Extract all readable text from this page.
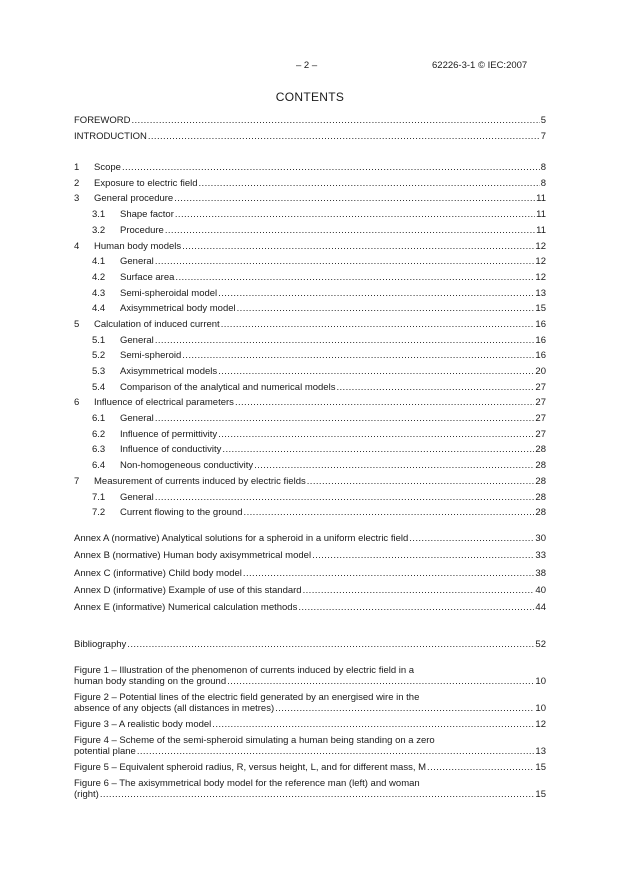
– 2 –	62226-3-1 © IEC:2007
CONTENTS
FOREWORD .....	5
INTRODUCTION .....	7
1 Scope .....	8
2 Exposure to electric field .....	8
3 General procedure .....	11
3.1 Shape factor .....	11
3.2 Procedure .....	11
4 Human body models .....	12
4.1 General .....	12
4.2 Surface area .....	12
4.3 Semi-spheroidal model .....	13
4.4 Axisymmetrical body model .....	15
5 Calculation of induced current .....	16
5.1 General .....	16
5.2 Semi-spheroid .....	16
5.3 Axisymmetrical models .....	20
5.4 Comparison of the analytical and numerical models .....	27
6 Influence of electrical parameters .....	27
6.1 General .....	27
6.2 Influence of permittivity .....	27
6.3 Influence of conductivity .....	28
6.4 Non-homogeneous conductivity .....	28
7 Measurement of currents induced by electric fields .....	28
7.1 General .....	28
7.2 Current flowing to the ground .....	28
Annex A (normative) Analytical solutions for a spheroid in a uniform electric field .....	30
Annex B (normative) Human body axisymmetrical model .....	33
Annex C (informative) Child body model .....	38
Annex D (informative) Example of use of this standard .....	40
Annex E (informative) Numerical calculation methods .....	44
Bibliography .....	52
Figure 1 – Illustration of the phenomenon of currents induced by electric field in a
human body standing on the ground .....	10
Figure 2 – Potential lines of the electric field generated by an energised wire in the
absence of any objects (all distances in metres) .....	10
Figure 3 – A realistic body model .....	12
Figure 4 – Scheme of the semi-spheroid simulating a human being standing on a zero
potential plane .....	13
Figure 5 – Equivalent spheroid radius, R, versus height, L, and for different mass, M .....	15
Figure 6 – The axisymmetrical body model for the reference man (left) and woman
(right) .....	15
